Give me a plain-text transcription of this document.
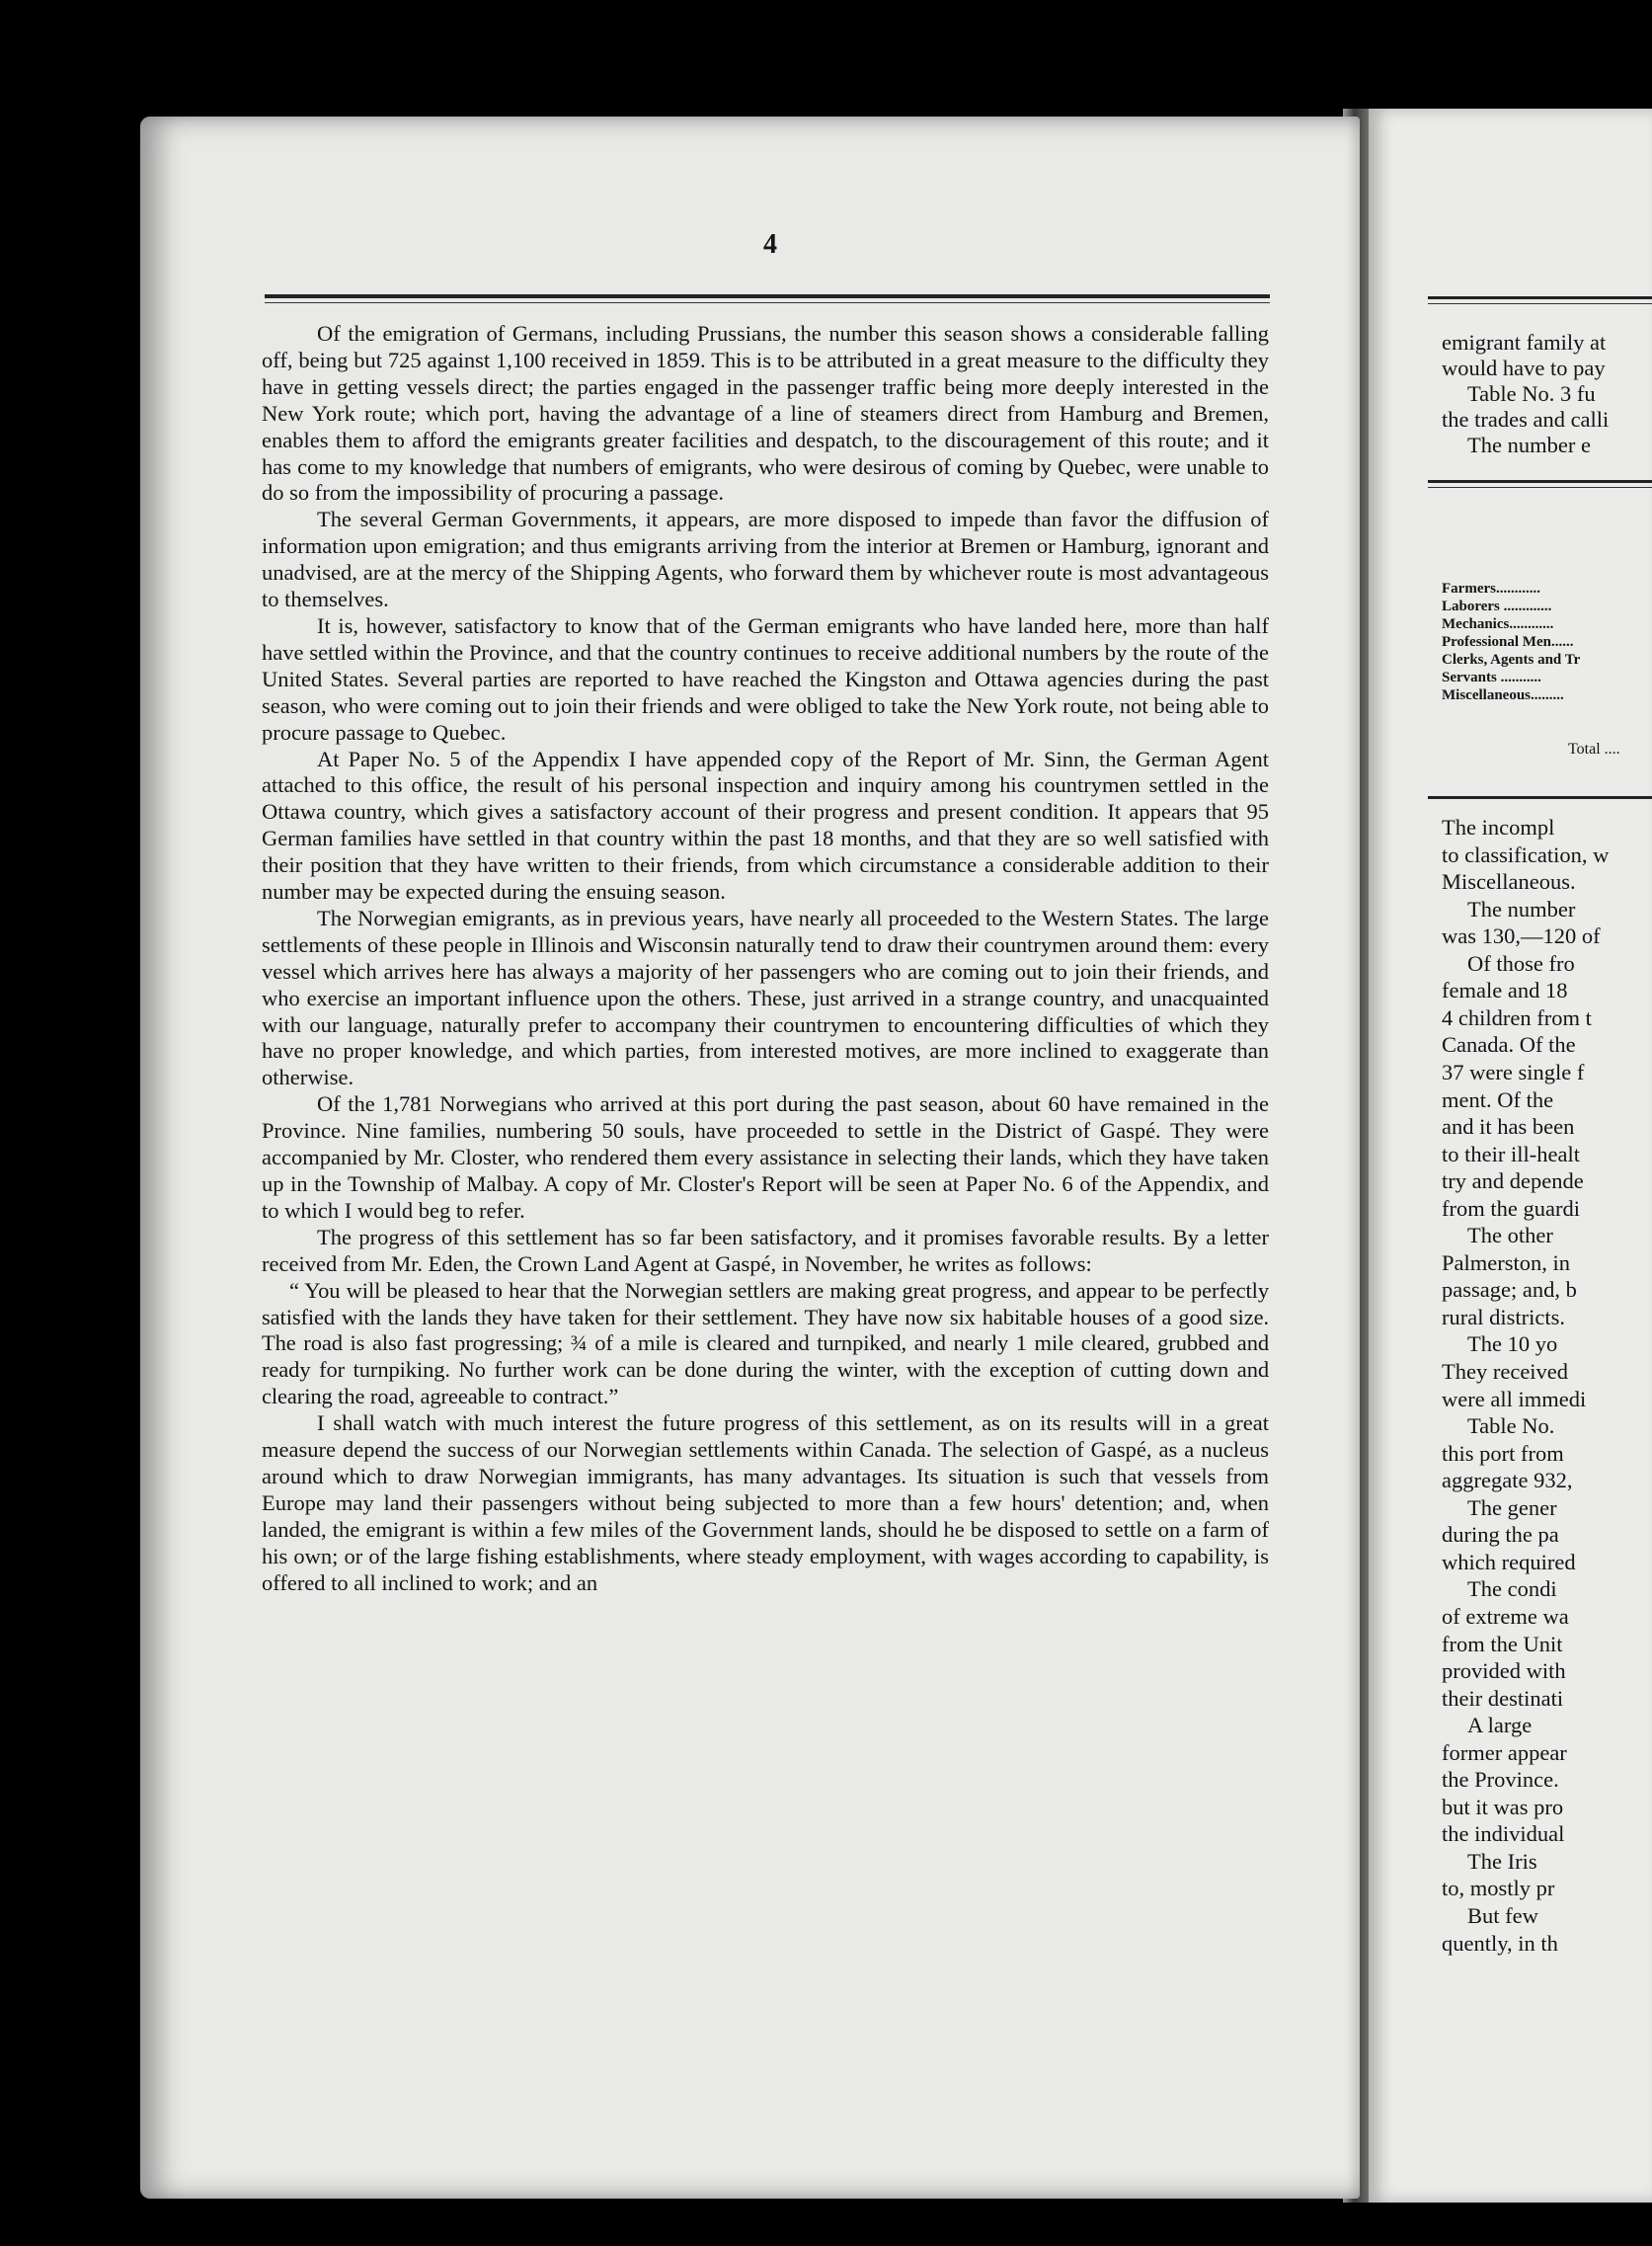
4

Of the emigration of Germans, including Prussians, the number this season shows a considerable falling off, being but 725 against 1,100 received in 1859. This is to be attributed in a great measure to the difficulty they have in getting vessels direct; the parties engaged in the passenger traffic being more deeply interested in the New York route; which port, having the advantage of a line of steamers direct from Hamburg and Bremen, enables them to afford the emigrants greater facilities and despatch, to the discouragement of this route; and it has come to my knowledge that numbers of emigrants, who were desirous of coming by Quebec, were unable to do so from the impossibility of procuring a passage.

The several German Governments, it appears, are more disposed to impede than favor the diffusion of information upon emigration; and thus emigrants arriving from the interior at Bremen or Hamburg, ignorant and unadvised, are at the mercy of the Shipping Agents, who forward them by whichever route is most advantageous to themselves.

It is, however, satisfactory to know that of the German emigrants who have landed here, more than half have settled within the Province, and that the country continues to receive additional numbers by the route of the United States. Several parties are reported to have reached the Kingston and Ottawa agencies during the past season, who were coming out to join their friends and were obliged to take the New York route, not being able to procure passage to Quebec.

At Paper No. 5 of the Appendix I have appended copy of the Report of Mr. Sinn, the German Agent attached to this office, the result of his personal inspection and inquiry among his countrymen settled in the Ottawa country, which gives a satisfactory account of their progress and present condition. It appears that 95 German families have settled in that country within the past 18 months, and that they are so well satisfied with their position that they have written to their friends, from which circumstance a considerable addition to their number may be expected during the ensuing season.

The Norwegian emigrants, as in previous years, have nearly all proceeded to the Western States. The large settlements of these people in Illinois and Wisconsin naturally tend to draw their countrymen around them: every vessel which arrives here has always a majority of her passengers who are coming out to join their friends, and who exercise an important influence upon the others. These, just arrived in a strange country, and unacquainted with our language, naturally prefer to accompany their countrymen to encountering difficulties of which they have no proper knowledge, and which parties, from interested motives, are more inclined to exaggerate than otherwise.

Of the 1,781 Norwegians who arrived at this port during the past season, about 60 have remained in the Province. Nine families, numbering 50 souls, have proceeded to settle in the District of Gaspé. They were accompanied by Mr. Closter, who rendered them every assistance in selecting their lands, which they have taken up in the Township of Malbay. A copy of Mr. Closter's Report will be seen at Paper No. 6 of the Appendix, and to which I would beg to refer.

The progress of this settlement has so far been satisfactory, and it promises favorable results. By a letter received from Mr. Eden, the Crown Land Agent at Gaspé, in November, he writes as follows:

“ You will be pleased to hear that the Norwegian settlers are making great progress, and appear to be perfectly satisfied with the lands they have taken for their settlement. They have now six habitable houses of a good size. The road is also fast progressing; ¾ of a mile is cleared and turnpiked, and nearly 1 mile cleared, grubbed and ready for turnpiking. No further work can be done during the winter, with the exception of cutting down and clearing the road, agreeable to contract.”

I shall watch with much interest the future progress of this settlement, as on its results will in a great measure depend the success of our Norwegian settlements within Canada. The selection of Gaspé, as a nucleus around which to draw Norwegian immigrants, has many advantages. Its situation is such that vessels from Europe may land their passengers without being subjected to more than a few hours' detention; and, when landed, the emigrant is within a few miles of the Government lands, should he be disposed to settle on a farm of his own; or of the large fishing establishments, where steady employment, with wages according to capability, is offered to all inclined to work; and an

emigrant family at
would have to pay
Table No. 3 fu
the trades and calli
The number e
Farmers............
Laborers .............
Mechanics............
Professional Men......
Clerks, Agents and Tr
Servants ...........
Miscellaneous.........
Total ....
The incompl
to classification, w
Miscellaneous.
The number
was 130,—120 of
Of those fro
female and 18
4 children from t
Canada. Of the
37 were single f
ment. Of the
and it has been
to their ill-healt
try and depende
from the guardi
The other
Palmerston, in
passage; and, b
rural districts.
The 10 yo
They received
were all immedi
Table No.
this port from
aggregate 932,
The gener
during the pa
which required
The condi
of extreme wa
from the Unit
provided with
their destinati
A large
former appear
the Province.
but it was pro
the individual
The Iris
to, mostly pr
But few
quently, in th
